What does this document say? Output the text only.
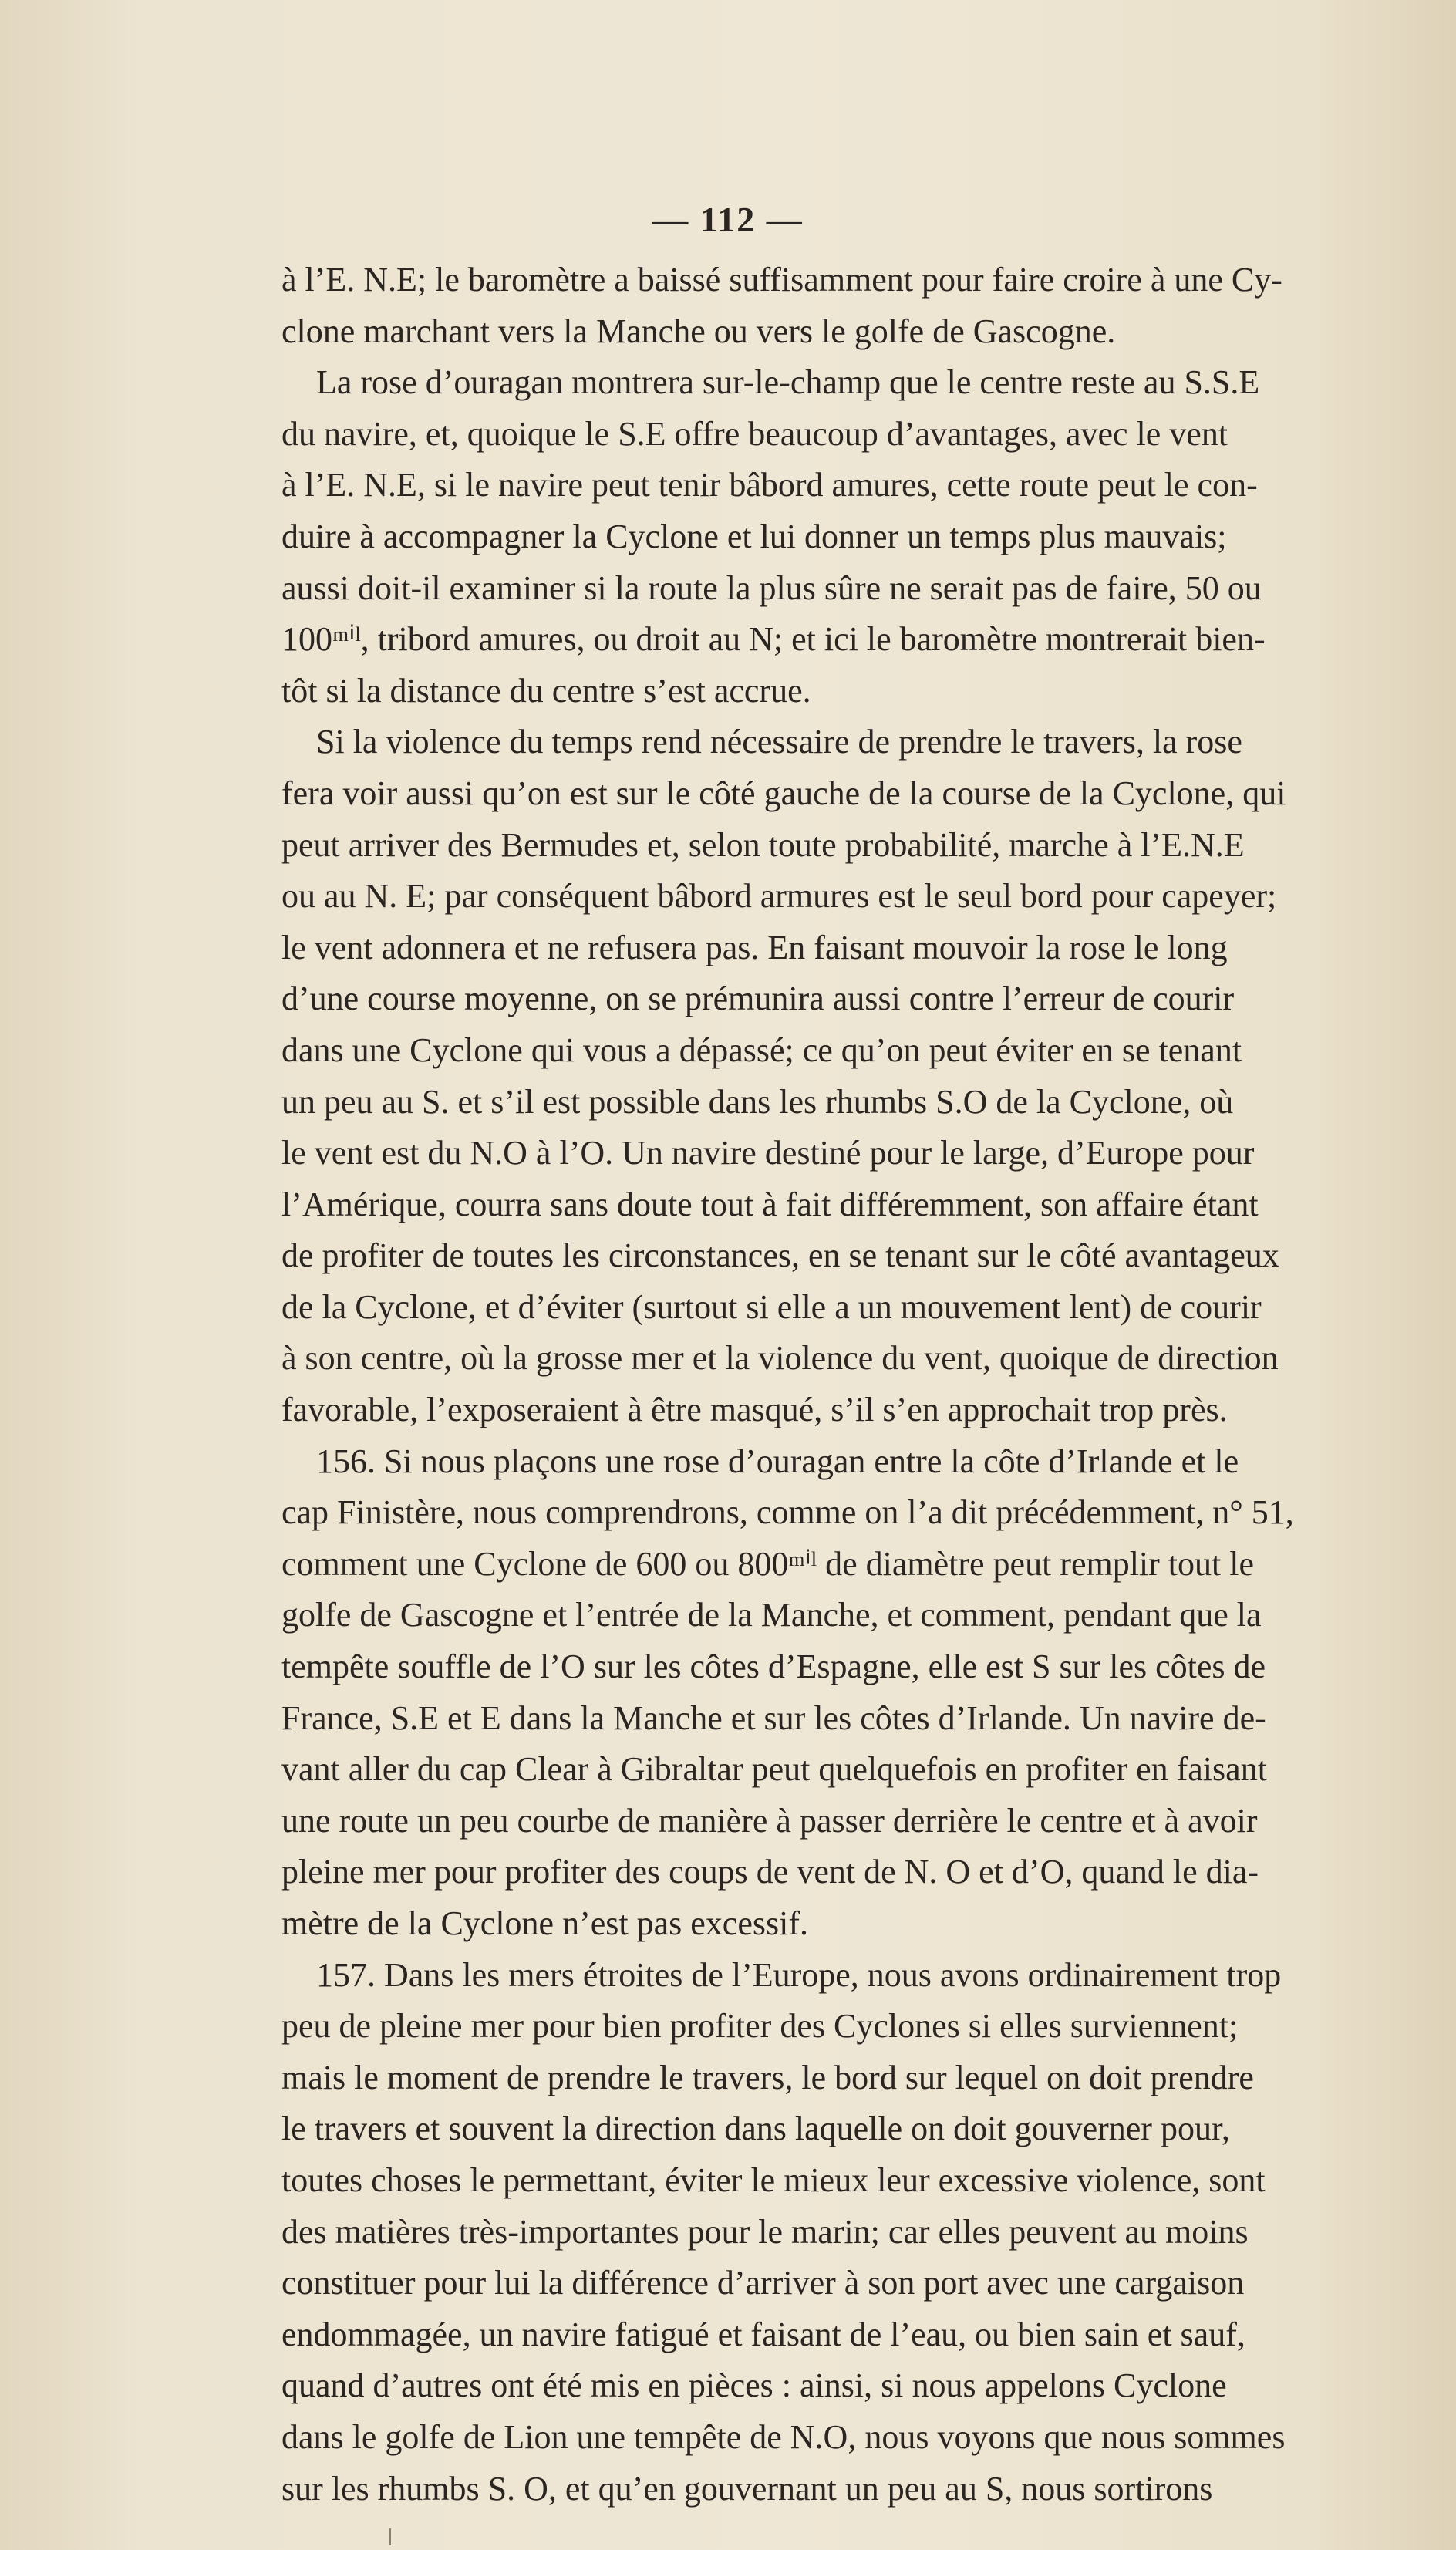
— 112 —
à l’E. N.E; le baromètre a baissé suffisamment pour faire croire à une Cy-
clone marchant vers la Manche ou vers le golfe de Gascogne.
La rose d’ouragan montrera sur-le-champ que le centre reste au S.S.E
du navire, et, quoique le S.E offre beaucoup d’avantages, avec le vent
à l’E. N.E, si le navire peut tenir bâbord amures, cette route peut le con-
duire à accompagner la Cyclone et lui donner un temps plus mauvais;
aussi doit-il examiner si la route la plus sûre ne serait pas de faire, 50 ou
100ᵐⁱˡ, tribord amures, ou droit au N; et ici le baromètre montrerait bien-
tôt si la distance du centre s’est accrue.
Si la violence du temps rend nécessaire de prendre le travers, la rose
fera voir aussi qu’on est sur le côté gauche de la course de la Cyclone, qui
peut arriver des Bermudes et, selon toute probabilité, marche à l’E.N.E
ou au N. E; par conséquent bâbord armures est le seul bord pour capeyer;
le vent adonnera et ne refusera pas. En faisant mouvoir la rose le long
d’une course moyenne, on se prémunira aussi contre l’erreur de courir
dans une Cyclone qui vous a dépassé; ce qu’on peut éviter en se tenant
un peu au S. et s’il est possible dans les rhumbs S.O de la Cyclone, où
le vent est du N.O à l’O. Un navire destiné pour le large, d’Europe pour
l’Amérique, courra sans doute tout à fait différemment, son affaire étant
de profiter de toutes les circonstances, en se tenant sur le côté avantageux
de la Cyclone, et d’éviter (surtout si elle a un mouvement lent) de courir
à son centre, où la grosse mer et la violence du vent, quoique de direction
favorable, l’exposeraient à être masqué, s’il s’en approchait trop près.
156. Si nous plaçons une rose d’ouragan entre la côte d’Irlande et le
cap Finistère, nous comprendrons, comme on l’a dit précédemment, n° 51,
comment une Cyclone de 600 ou 800ᵐⁱˡ de diamètre peut remplir tout le
golfe de Gascogne et l’entrée de la Manche, et comment, pendant que la
tempête souffle de l’O sur les côtes d’Espagne, elle est S sur les côtes de
France, S.E et E dans la Manche et sur les côtes d’Irlande. Un navire de-
vant aller du cap Clear à Gibraltar peut quelquefois en profiter en faisant
une route un peu courbe de manière à passer derrière le centre et à avoir
pleine mer pour profiter des coups de vent de N. O et d’O, quand le dia-
mètre de la Cyclone n’est pas excessif.
157. Dans les mers étroites de l’Europe, nous avons ordinairement trop
peu de pleine mer pour bien profiter des Cyclones si elles surviennent;
mais le moment de prendre le travers, le bord sur lequel on doit prendre
le travers et souvent la direction dans laquelle on doit gouverner pour,
toutes choses le permettant, éviter le mieux leur excessive violence, sont
des matières très-importantes pour le marin; car elles peuvent au moins
constituer pour lui la différence d’arriver à son port avec une cargaison
endommagée, un navire fatigué et faisant de l’eau, ou bien sain et sauf,
quand d’autres ont été mis en pièces : ainsi, si nous appelons Cyclone
dans le golfe de Lion une tempête de N.O, nous voyons que nous sommes
sur les rhumbs S. O, et qu’en gouvernant un peu au S, nous sortirons
